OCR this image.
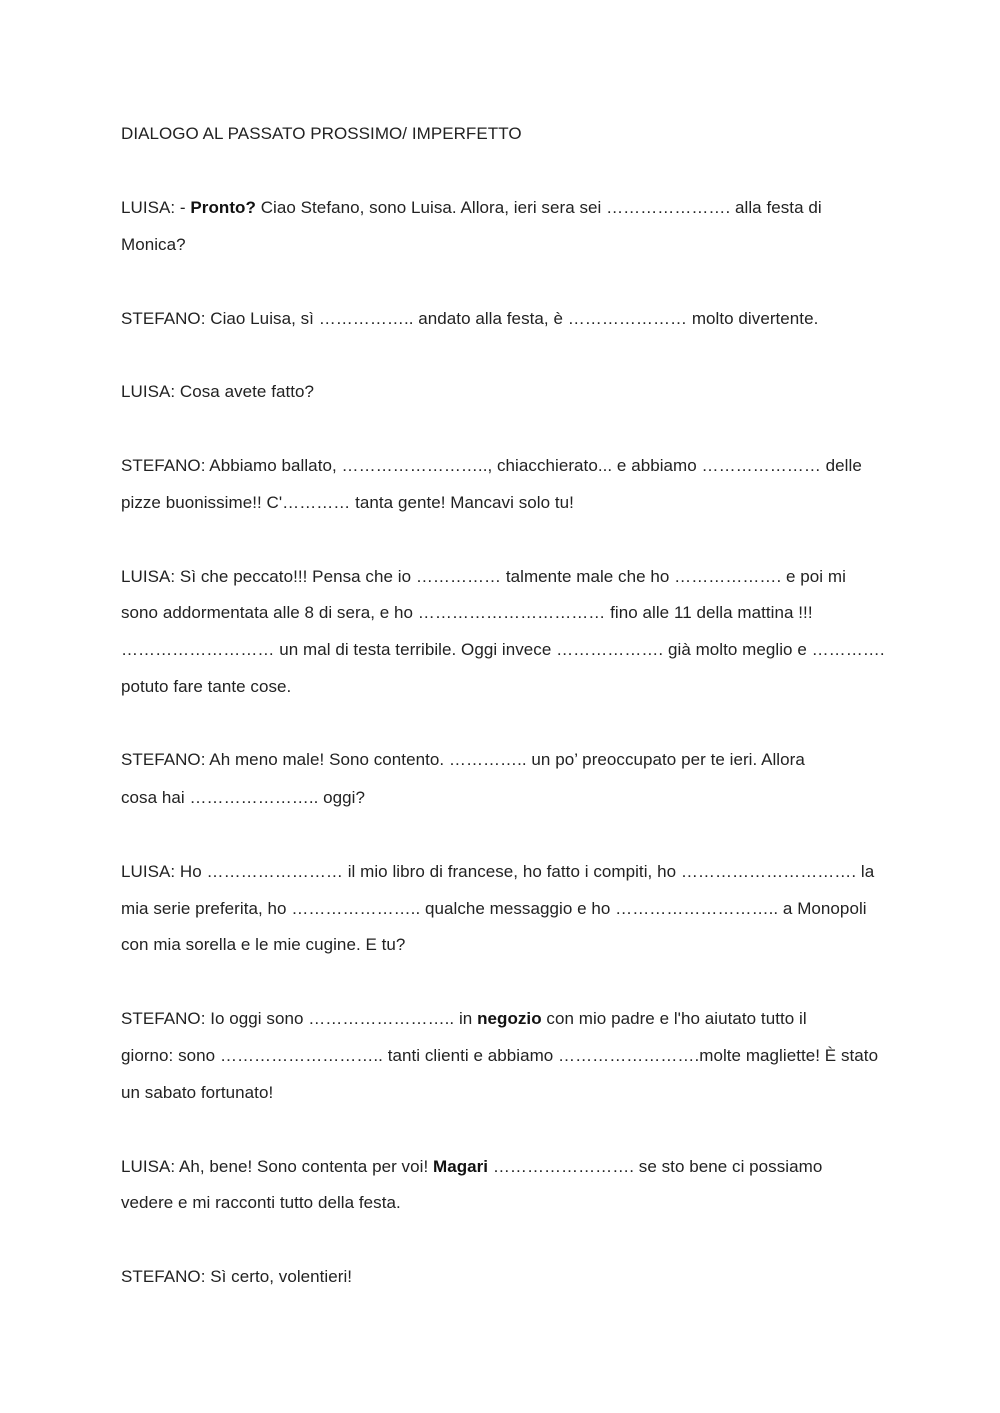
DIALOGO AL PASSATO PROSSIMO/ IMPERFETTO
LUISA: - Pronto? Ciao Stefano, sono Luisa. Allora, ieri sera sei …………………. alla festa di
Monica?
STEFANO: Ciao Luisa, sì …………….. andato alla festa, è ………………… molto divertente.
LUISA: Cosa avete fatto?
STEFANO: Abbiamo ballato, …………………….., chiacchierato... e abbiamo ………………… delle
pizze buonissime!! C'………… tanta gente! Mancavi solo tu!
LUISA: Sì che peccato!!! Pensa che io …………… talmente male che ho ………………. e poi mi
sono addormentata alle 8 di sera, e ho …………………………… fino alle 11 della mattina !!!
……………………… un mal di testa terribile. Oggi invece ………………. già molto meglio e ………….
potuto fare tante cose.
STEFANO: Ah meno male! Sono contento. ………….. un po’ preoccupato per te ieri. Allora
cosa hai ………………….. oggi?
LUISA: Ho …………………… il mio libro di francese, ho fatto i compiti, ho …………………………. la
mia serie preferita, ho ………………….. qualche messaggio e ho ……………………….. a Monopoli
con mia sorella e le mie cugine. E tu?
STEFANO: Io oggi sono …………………….. in negozio con mio padre e l'ho aiutato tutto il
giorno: sono ……………………….. tanti clienti e abbiamo …………………….molte magliette! È stato
un sabato fortunato!
LUISA: Ah, bene! Sono contenta per voi! Magari ……………………. se sto bene ci possiamo
vedere e mi racconti tutto della festa.
STEFANO: Sì certo, volentieri!
